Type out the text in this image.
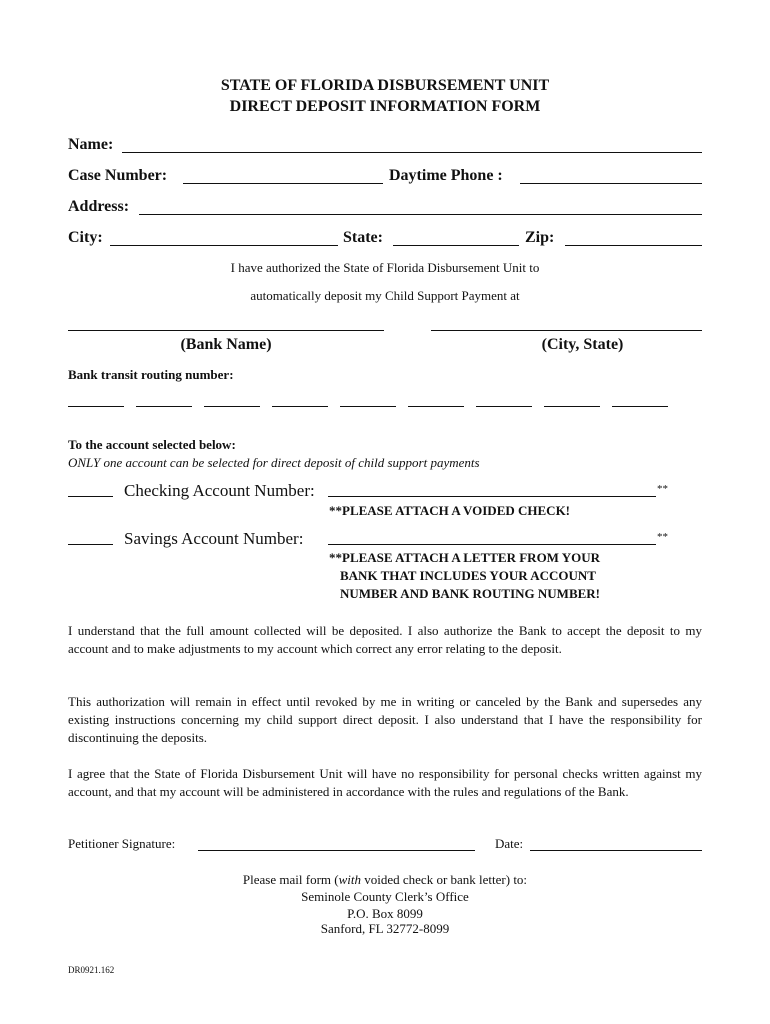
STATE OF FLORIDA DISBURSEMENT UNIT
DIRECT DEPOSIT INFORMATION FORM
Name:
Case Number:	Daytime Phone :
Address:
City:	State:	Zip:
I have authorized the State of Florida Disbursement Unit to
automatically deposit my Child Support Payment at
(Bank Name)	(City, State)
Bank transit routing number:
To the account selected below:
ONLY one account can be selected for direct deposit of child support payments
Checking Account Number:	**
**PLEASE ATTACH A VOIDED CHECK!
Savings Account Number:	**
**PLEASE ATTACH A LETTER FROM YOUR
BANK THAT INCLUDES YOUR ACCOUNT
NUMBER AND BANK ROUTING NUMBER!
I understand that the full amount collected will be deposited. I also authorize the Bank to accept the deposit to my account and to make adjustments to my account which correct any error relating to the deposit.
This authorization will remain in effect until revoked by me in writing or canceled by the Bank and supersedes any existing instructions concerning my child support direct deposit. I also understand that I have the responsibility for discontinuing the deposits.
I agree that the State of Florida Disbursement Unit will have no responsibility for personal checks written against my account, and that my account will be administered in accordance with the rules and regulations of the Bank.
Petitioner Signature:	Date:
Please mail form (with voided check or bank letter) to:
Seminole County Clerk’s Office
P.O. Box 8099
Sanford, FL 32772-8099
DR0921.162
